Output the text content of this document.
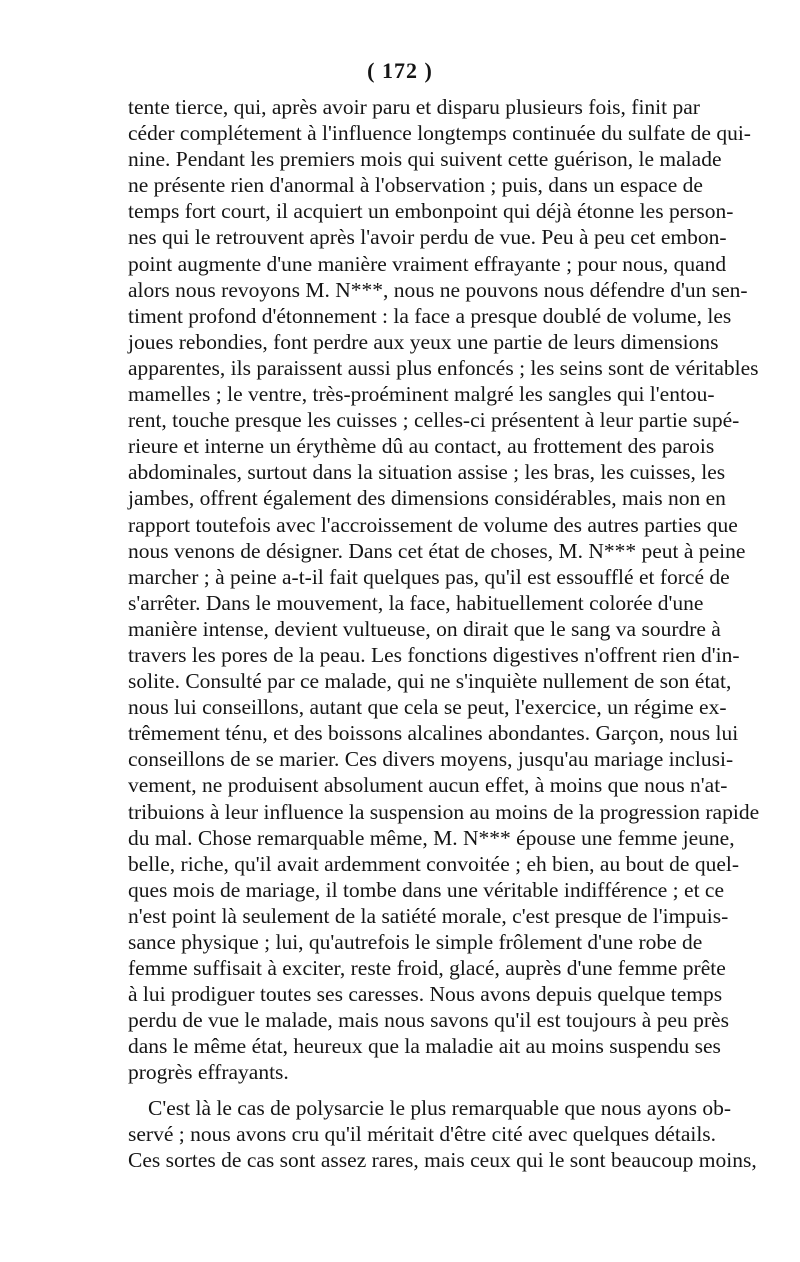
( 172 )
tente tierce, qui, après avoir paru et disparu plusieurs fois, finit par
céder complétement à l'influence longtemps continuée du sulfate de qui-
nine. Pendant les premiers mois qui suivent cette guérison, le malade
ne présente rien d'anormal à l'observation ; puis, dans un espace de
temps fort court, il acquiert un embonpoint qui déjà étonne les person-
nes qui le retrouvent après l'avoir perdu de vue. Peu à peu cet embon-
point augmente d'une manière vraiment effrayante ; pour nous, quand
alors nous revoyons M. N***, nous ne pouvons nous défendre d'un sen-
timent profond d'étonnement : la face a presque doublé de volume, les
joues rebondies, font perdre aux yeux une partie de leurs dimensions
apparentes, ils paraissent aussi plus enfoncés ; les seins sont de véritables
mamelles ; le ventre, très-proéminent malgré les sangles qui l'entou-
rent, touche presque les cuisses ; celles-ci présentent à leur partie supé-
rieure et interne un érythème dû au contact, au frottement des parois
abdominales, surtout dans la situation assise ; les bras, les cuisses, les
jambes, offrent également des dimensions considérables, mais non en
rapport toutefois avec l'accroissement de volume des autres parties que
nous venons de désigner. Dans cet état de choses, M. N*** peut à peine
marcher ; à peine a-t-il fait quelques pas, qu'il est essoufflé et forcé de
s'arrêter. Dans le mouvement, la face, habituellement colorée d'une
manière intense, devient vultueuse, on dirait que le sang va sourdre à
travers les pores de la peau. Les fonctions digestives n'offrent rien d'in-
solite. Consulté par ce malade, qui ne s'inquiète nullement de son état,
nous lui conseillons, autant que cela se peut, l'exercice, un régime ex-
trêmement ténu, et des boissons alcalines abondantes. Garçon, nous lui
conseillons de se marier. Ces divers moyens, jusqu'au mariage inclusi-
vement, ne produisent absolument aucun effet, à moins que nous n'at-
tribuions à leur influence la suspension au moins de la progression rapide
du mal. Chose remarquable même, M. N*** épouse une femme jeune,
belle, riche, qu'il avait ardemment convoitée ; eh bien, au bout de quel-
ques mois de mariage, il tombe dans une véritable indifférence ; et ce
n'est point là seulement de la satiété morale, c'est presque de l'impuis-
sance physique ; lui, qu'autrefois le simple frôlement d'une robe de
femme suffisait à exciter, reste froid, glacé, auprès d'une femme prête
à lui prodiguer toutes ses caresses. Nous avons depuis quelque temps
perdu de vue le malade, mais nous savons qu'il est toujours à peu près
dans le même état, heureux que la maladie ait au moins suspendu ses
progrès effrayants.
C'est là le cas de polysarcie le plus remarquable que nous ayons ob-
servé ; nous avons cru qu'il méritait d'être cité avec quelques détails.
Ces sortes de cas sont assez rares, mais ceux qui le sont beaucoup moins,
